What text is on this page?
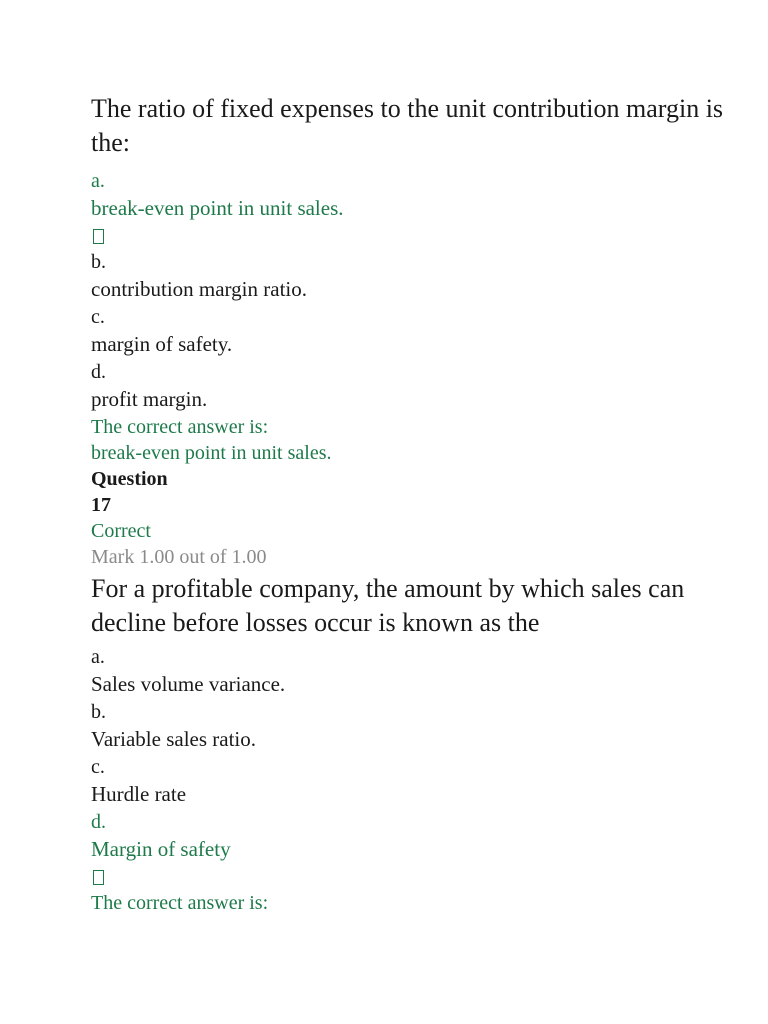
The ratio of fixed expenses to the unit contribution margin is the:

a.

break-even point in unit sales.

b.

contribution margin ratio.

c.

margin of safety.

d.

profit margin.

The correct answer is:

break-even point in unit sales.

Question

17

Correct

Mark 1.00 out of 1.00

For a profitable company, the amount by which sales can decline before losses occur is known as the

a.

Sales volume variance.

b.

Variable sales ratio.

c.

Hurdle rate

d.

Margin of safety

The correct answer is:
